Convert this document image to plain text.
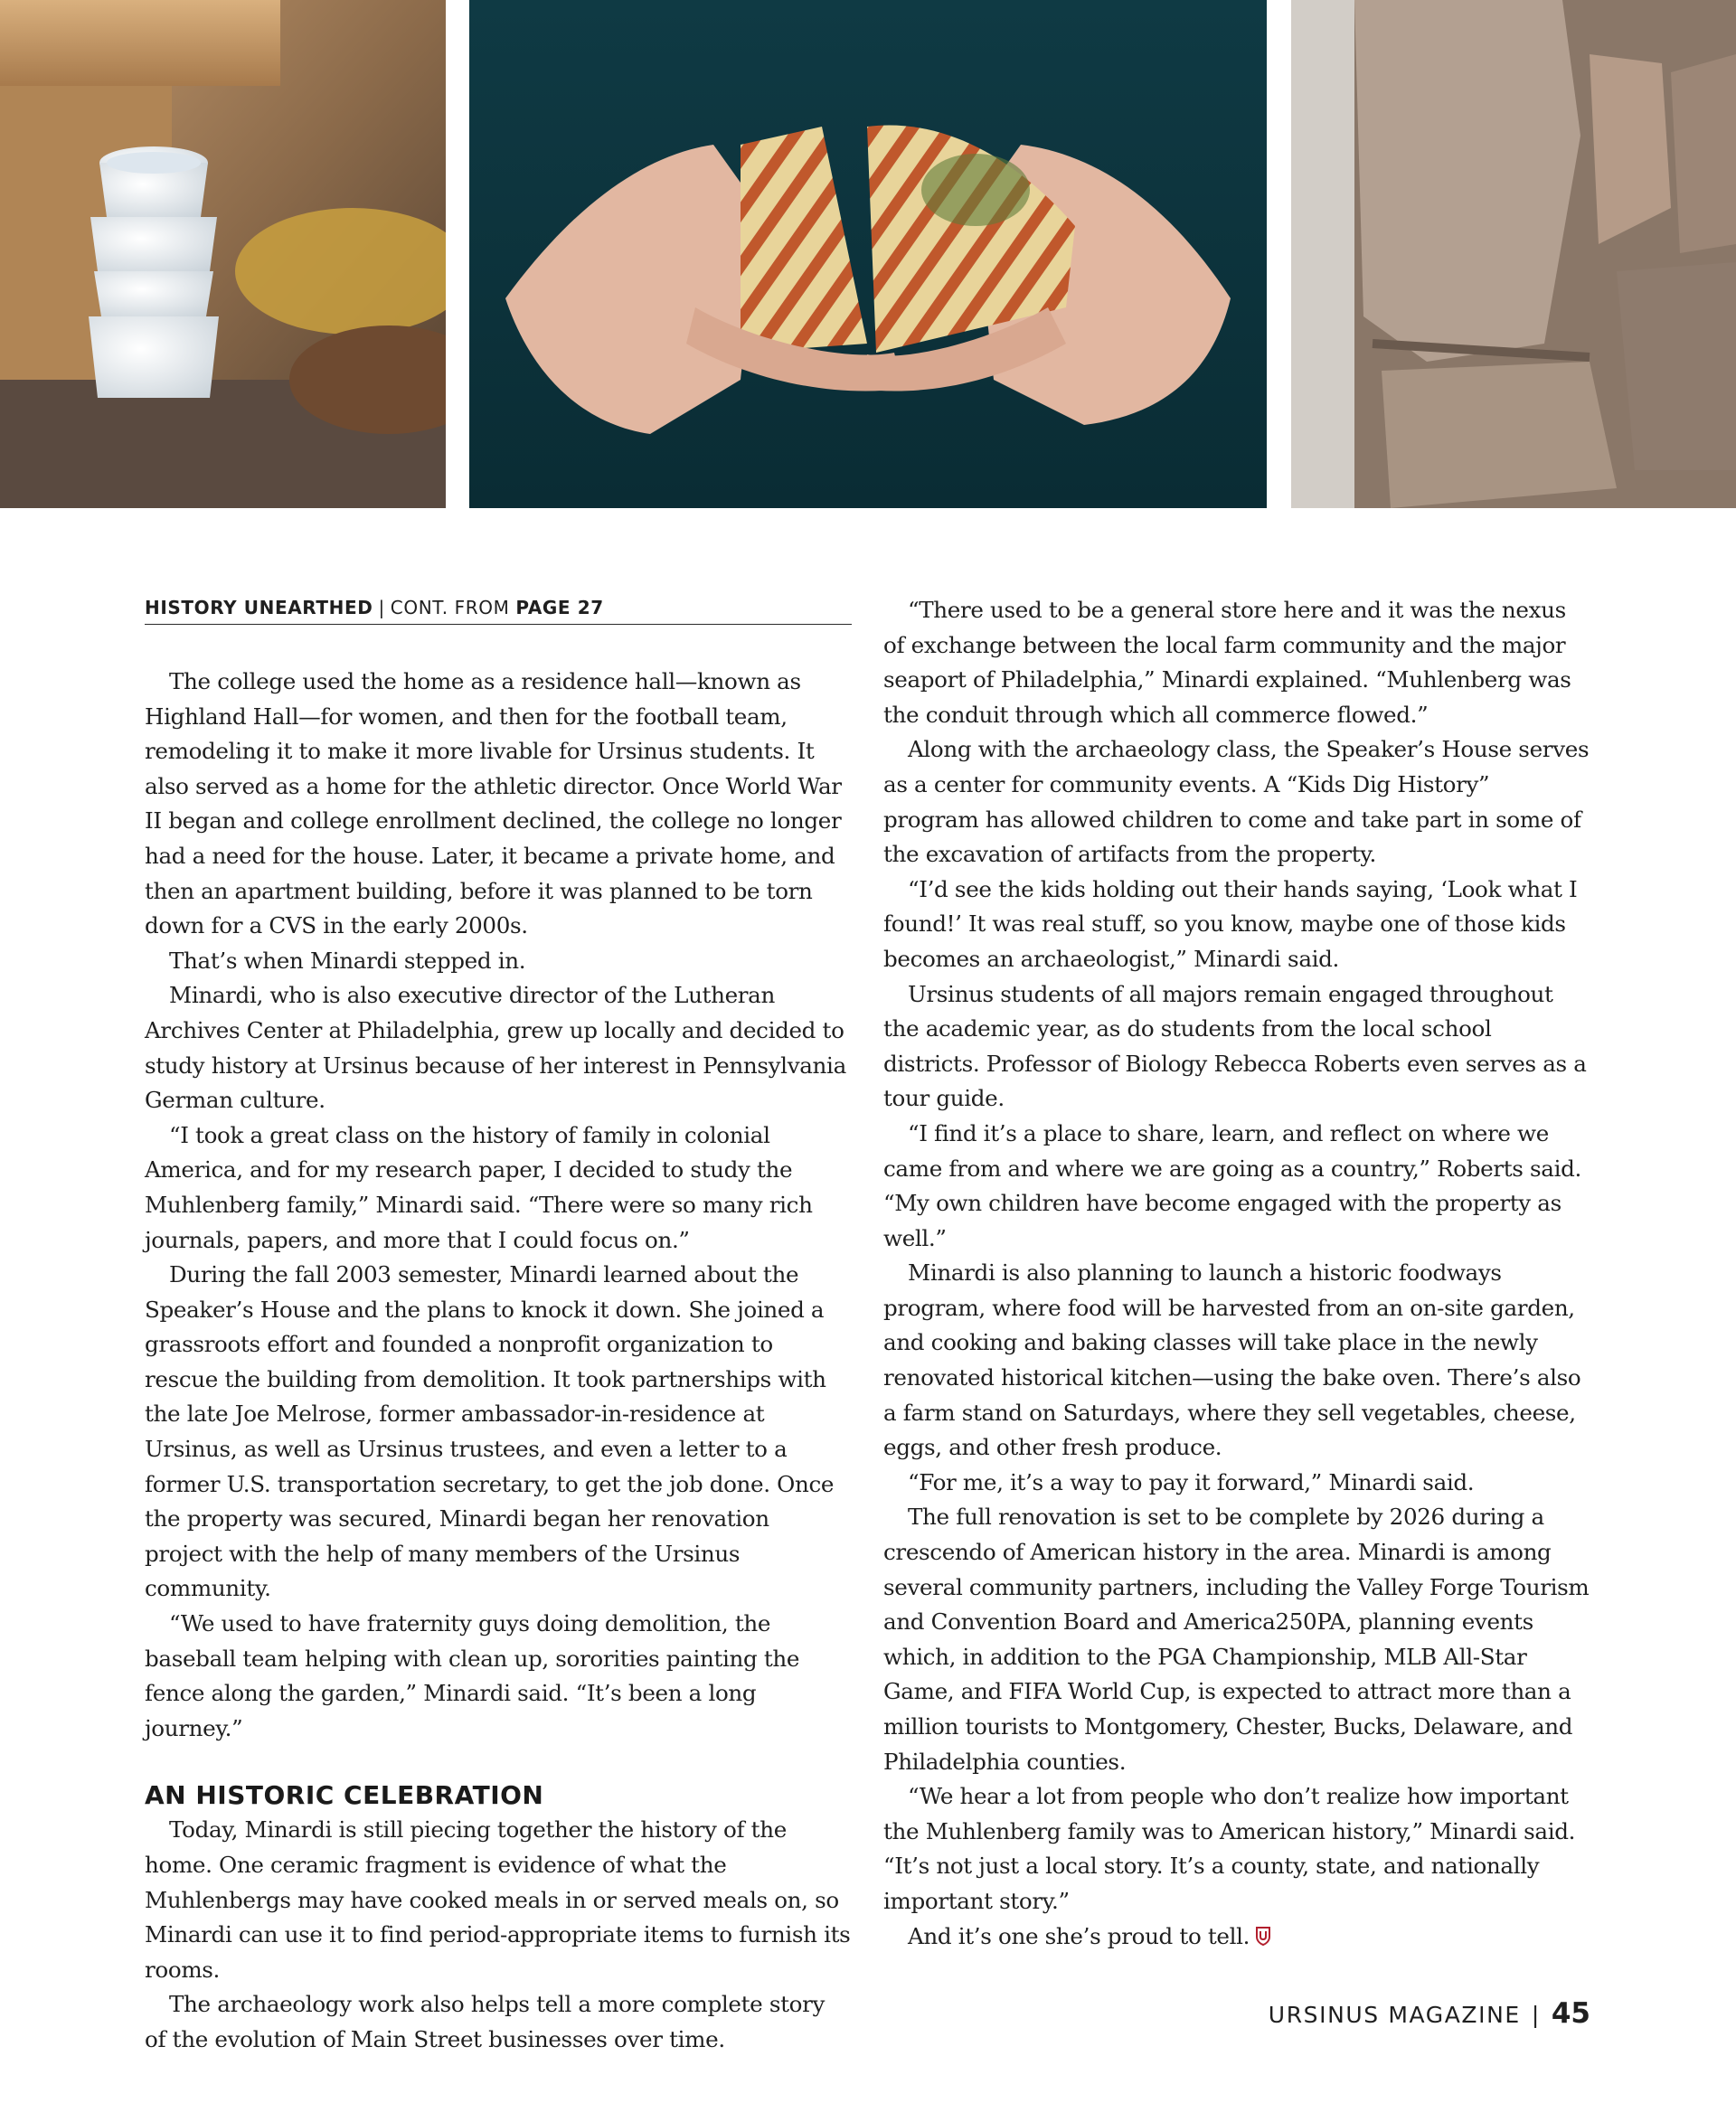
HISTORY UNEARTHED | CONT. FROM PAGE 27

The college used the home as a residence hall—known as Highland Hall—for women, and then for the football team, remodeling it to make it more livable for Ursinus students. It also served as a home for the athletic director. Once World War II began and college enrollment declined, the college no longer had a need for the house. Later, it became a private home, and then an apartment building, before it was planned to be torn down for a CVS in the early 2000s.

That’s when Minardi stepped in.

Minardi, who is also executive director of the Lutheran Archives Center at Philadelphia, grew up locally and decided to study history at Ursinus because of her interest in Pennsylvania German culture.

“I took a great class on the history of family in colonial America, and for my research paper, I decided to study the Muhlenberg family,” Minardi said. “There were so many rich journals, papers, and more that I could focus on.”

During the fall 2003 semester, Minardi learned about the Speaker’s House and the plans to knock it down. She joined a grassroots effort and founded a nonprofit organization to rescue the building from demolition. It took partnerships with the late Joe Melrose, former ambassador-in-residence at Ursinus, as well as Ursinus trustees, and even a letter to a former U.S. transportation secretary, to get the job done. Once the property was secured, Minardi began her renovation project with the help of many members of the Ursinus community.

“We used to have fraternity guys doing demolition, the baseball team helping with clean up, sororities painting the fence along the garden,” Minardi said. “It’s been a long journey.”

AN HISTORIC CELEBRATION

Today, Minardi is still piecing together the history of the home. One ceramic fragment is evidence of what the Muhlenbergs may have cooked meals in or served meals on, so Minardi can use it to find period-appropriate items to furnish its rooms.

The archaeology work also helps tell a more complete story of the evolution of Main Street businesses over time.

“There used to be a general store here and it was the nexus of exchange between the local farm community and the major seaport of Philadelphia,” Minardi explained. “Muhlenberg was the conduit through which all commerce flowed.”

Along with the archaeology class, the Speaker’s House serves as a center for community events. A “Kids Dig History” program has allowed children to come and take part in some of the excavation of artifacts from the property.

“I’d see the kids holding out their hands saying, ‘Look what I found!’ It was real stuff, so you know, maybe one of those kids becomes an archaeologist,” Minardi said.

Ursinus students of all majors remain engaged throughout the academic year, as do students from the local school districts. Professor of Biology Rebecca Roberts even serves as a tour guide.

“I find it’s a place to share, learn, and reflect on where we came from and where we are going as a country,” Roberts said. “My own children have become engaged with the property as well.”

Minardi is also planning to launch a historic foodways program, where food will be harvested from an on-site garden, and cooking and baking classes will take place in the newly renovated historical kitchen—using the bake oven. There’s also a farm stand on Saturdays, where they sell vegetables, cheese, eggs, and other fresh produce.

“For me, it’s a way to pay it forward,” Minardi said.

The full renovation is set to be complete by 2026 during a crescendo of American history in the area. Minardi is among several community partners, including the Valley Forge Tourism and Convention Board and America250PA, planning events which, in addition to the PGA Championship, MLB All-Star Game, and FIFA World Cup, is expected to attract more than a million tourists to Montgomery, Chester, Bucks, Delaware, and Philadelphia counties.

“We hear a lot from people who don’t realize how important the Muhlenberg family was to American history,” Minardi said. “It’s not just a local story. It’s a county, state, and nationally important story.”

And it’s one she’s proud to tell.

URSINUS MAGAZINE | 45
